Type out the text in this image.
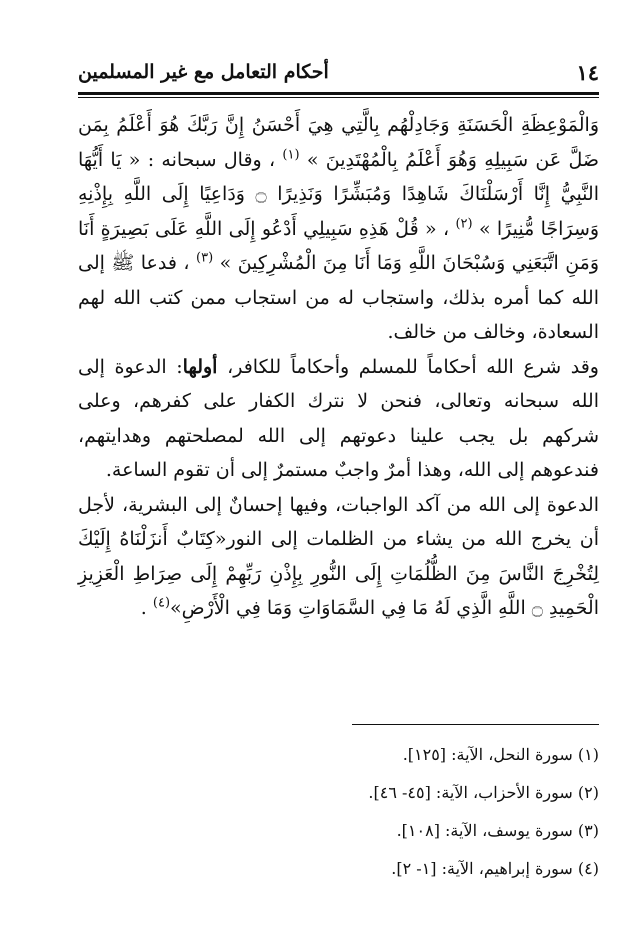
١٤
أحكام التعامل مع غير المسلمين

وَالْمَوْعِظَةِ الْحَسَنَةِ وَجَادِلْهُم بِالَّتِي هِيَ أَحْسَنُ إِنَّ رَبَّكَ هُوَ أَعْلَمُ بِمَن ضَلَّ عَن سَبِيلِهِ وَهُوَ أَعْلَمُ بِالْمُهْتَدِينَ » $^{(١)}$ ، وقال سبحانه : « يَا أَيُّهَا النَّبِيُّ إِنَّا أَرْسَلْنَاكَ شَاهِدًا وَمُبَشِّرًا وَنَذِيرًا ۝ وَدَاعِيًا إِلَى اللَّهِ بِإِذْنِهِ وَسِرَاجًا مُّنِيرًا » $^{(٢)}$ ، « قُلْ هَذِهِ سَبِيلِي أَدْعُو إِلَى اللَّهِ عَلَى بَصِيرَةٍ أَنَا وَمَنِ اتَّبَعَنِي وَسُبْحَانَ اللَّهِ وَمَا أَنَا مِنَ الْمُشْرِكِينَ » $^{(٣)}$ ، فدعا ﷺ إلى الله كما أمره بذلك، واستجاب له من استجاب ممن كتب الله لهم السعادة، وخالف من خالف.

وقد شرع الله أحكاماً للمسلم وأحكاماً للكافر، أولها: الدعوة إلى الله سبحانه وتعالى، فنحن لا نترك الكفار على كفرهم، وعلى شركهم بل يجب علينا دعوتهم إلى الله لمصلحتهم وهدايتهم، فندعوهم إلى الله، وهذا أمرٌ واجبٌ مستمرٌ إلى أن تقوم الساعة.

الدعوة إلى الله من آكد الواجبات، وفيها إحسانٌ إلى البشرية، لأجل أن يخرج الله من يشاء من الظلمات إلى النور«كِتَابٌ أَنزَلْنَاهُ إِلَيْكَ لِتُخْرِجَ النَّاسَ مِنَ الظُّلُمَاتِ إِلَى النُّورِ بِإِذْنِ رَبِّهِمْ إِلَى صِرَاطِ الْعَزِيزِ الْحَمِيدِ ۝ اللَّهِ الَّذِي لَهُ مَا فِي السَّمَاوَاتِ وَمَا فِي الْأَرْضِ»$^{(٤)}$ .

(١) سورة النحل، الآية: [١٢٥].
(٢) سورة الأحزاب، الآية: [٤٥- ٤٦].
(٣) سورة يوسف، الآية: [١٠٨].
(٤) سورة إبراهيم، الآية: [١- ٢].
